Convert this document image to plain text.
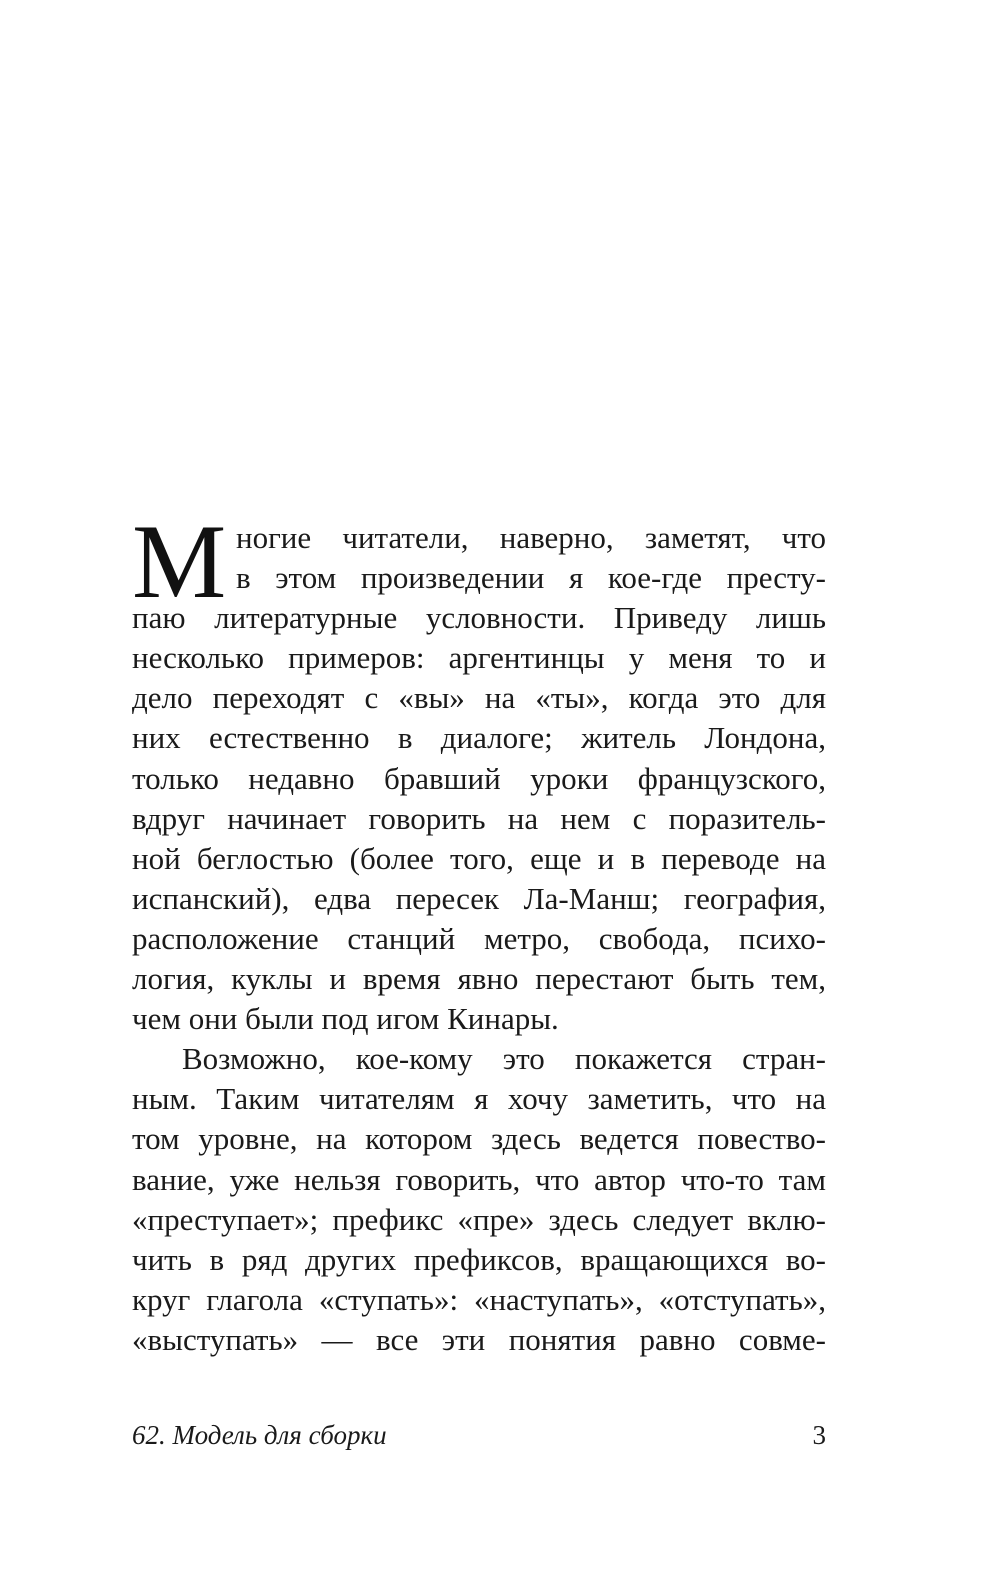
М ногие читатели, наверно, заметят, что
в этом произведении я кое-где престу-
паю литературные условности. Приведу лишь
несколько примеров: аргентинцы у меня то и
дело переходят с «вы» на «ты», когда это для
них естественно в диалоге; житель Лондона,
только недавно бравший уроки французского,
вдруг начинает говорить на нем с поразитель-
ной беглостью (более того, еще и в переводе на
испанский), едва пересек Ла-Манш; география,
расположение станций метро, свобода, психо-
логия, куклы и время явно перестают быть тем,
чем они были под игом Кинары.
Возможно, кое-кому это покажется стран-
ным. Таким читателям я хочу заметить, что на
том уровне, на котором здесь ведется повество-
вание, уже нельзя говорить, что автор что-то там
«преступает»; префикс «пре» здесь следует вклю-
чить в ряд других префиксов, вращающихся во-
круг глагола «ступать»: «наступать», «отступать»,
«выступать» — все эти понятия равно совме-
62. Модель для сборки	3
